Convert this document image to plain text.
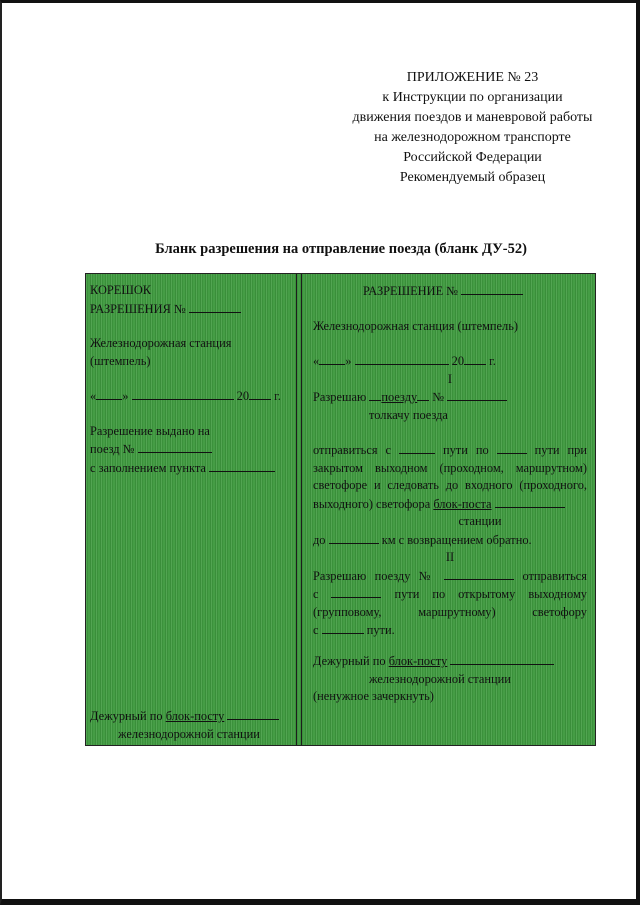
ПРИЛОЖЕНИЕ № 23
к Инструкции по организации
движения поездов и маневровой работы
на железнодорожном транспорте
Российской Федерации
Рекомендуемый образец
Бланк разрешения на отправление поезда (бланк ДУ-52)
КОРЕШОК
РАЗРЕШЕНИЯ №
Железнодорожная станция
(штемпель)
« »	20 г.
Разрешение выдано на
поезд №
с заполнением пункта
Дежурный по блок-посту
железнодорожной станции
РАЗРЕШЕНИЕ №
Железнодорожная станция (штемпель)
« »	20 г.
I
Разрешаю поезду №
толкачу поезда
отправиться с	пути по	пути при
закрытом выходном (проходном, маршрутном)
светофоре и следовать до входного (проходного,
выходного) светофора блок-поста
станции
до	км с возвращением обратно.
II
Разрешаю поезду №	отправиться
с	пути по открытому выходному
(групповому, маршрутному) светофору
с	пути.
Дежурный по блок-посту
железнодорожной станции
(ненужное зачеркнуть)
